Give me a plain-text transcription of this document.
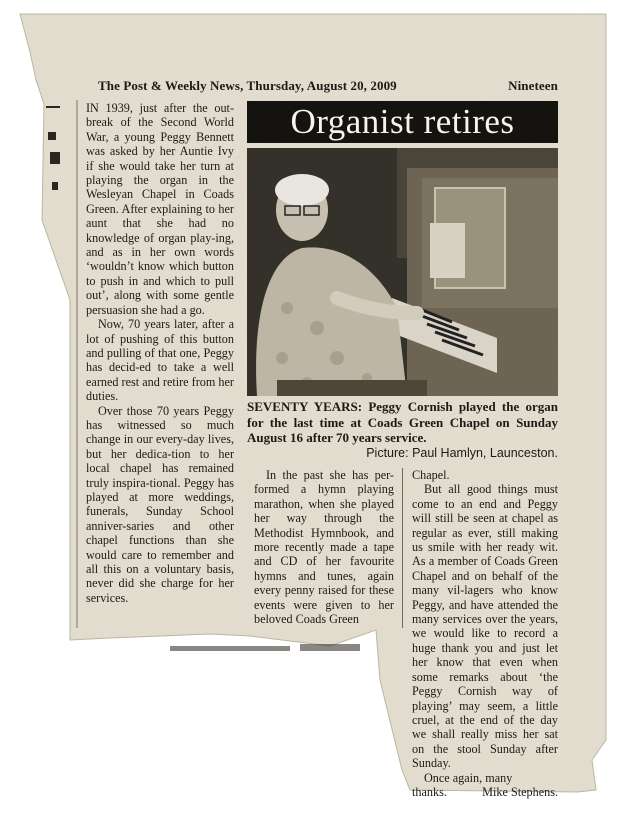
The Post & Weekly News, Thursday, August 20, 2009	Nineteen

IN 1939, just after the out-break of the Second World War, a young Peggy Bennett was asked by her Auntie Ivy if she would take her turn at playing the organ in the Wesleyan Chapel in Coads Green. After explaining to her aunt that she had no knowledge of organ play-ing, and as in her own words ‘wouldn’t know which button to push in and which to pull out’, along with some gentle persuasion she had a go.

Now, 70 years later, after a lot of pushing of this button and pulling of that one, Peggy has decid-ed to take a well earned rest and retire from her duties.

Over those 70 years Peggy has witnessed so much change in our every-day lives, but her dedica-tion to her local chapel has remained truly inspira-tional. Peggy has played at more weddings, funerals, Sunday School anniver-saries and other chapel functions than she would care to remember and all this on a voluntary basis, never did she charge for her services.

Organist retires
SEVENTY YEARS: Peggy Cornish played the organ for the last time at Coads Green Chapel on Sunday August 16 after 70 years service.
Picture: Paul Hamlyn, Launceston.

In the past she has per-formed a hymn playing marathon, when she played her way through the Methodist Hymnbook, and more recently made a tape and CD of her favourite hymns and tunes, again every penny raised for these events were given to her beloved Coads Green

Chapel.

But all good things must come to an end and Peggy will still be seen at chapel as regular as ever, still making us smile with her ready wit. As a member of Coads Green Chapel and on behalf of the many vil-lagers who know Peggy, and have attended the many services over the years, we would like to record a huge thank you and just let her know that even when some remarks about ‘the Peggy Cornish way of playing’ may seem, a little cruel, at the end of the day we shall really miss her sat on the stool Sunday after Sunday.

Once again, many

thanks.	Mike Stephens.
